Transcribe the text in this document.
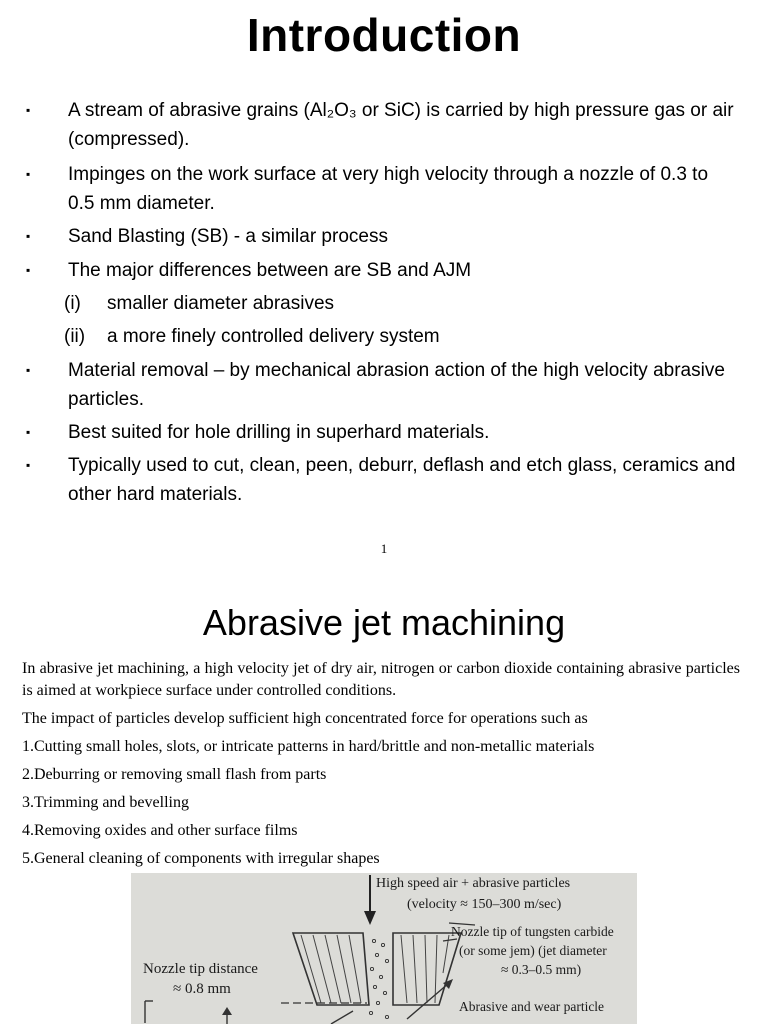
Introduction
▪ A stream of abrasive grains (Al₂O₃ or SiC) is carried by high pressure gas or air (compressed).
▪ Impinges on the work surface at very high velocity through a nozzle of 0.3 to 0.5 mm diameter.
▪ Sand Blasting (SB) - a similar process
▪ The major differences between are SB and AJM
(i) smaller diameter abrasives
(ii) a more finely controlled delivery system
▪ Material removal – by mechanical abrasion action of the high velocity abrasive particles.
▪ Best suited for hole drilling in superhard materials.
▪ Typically used to cut, clean, peen, deburr, deflash and etch glass, ceramics and other hard materials.
1
Abrasive jet machining
In abrasive jet machining, a high velocity jet of dry air, nitrogen or carbon dioxide containing abrasive particles is aimed at workpiece surface under controlled conditions.
The impact of particles develop sufficient high concentrated force for operations such as
1.Cutting small holes, slots, or intricate patterns in hard/brittle and non-metallic materials
2.Deburring or removing small flash from parts
3.Trimming and bevelling
4.Removing oxides and other surface films
5.General cleaning of components with irregular shapes
High speed air + abrasive particles
(velocity ≈ 150–300 m/sec)
Nozzle tip of tungsten carbide
(or some jem) (jet diameter
≈ 0.3–0.5 mm)
Nozzle tip distance
≈ 0.8 mm
Abrasive and wear particle
